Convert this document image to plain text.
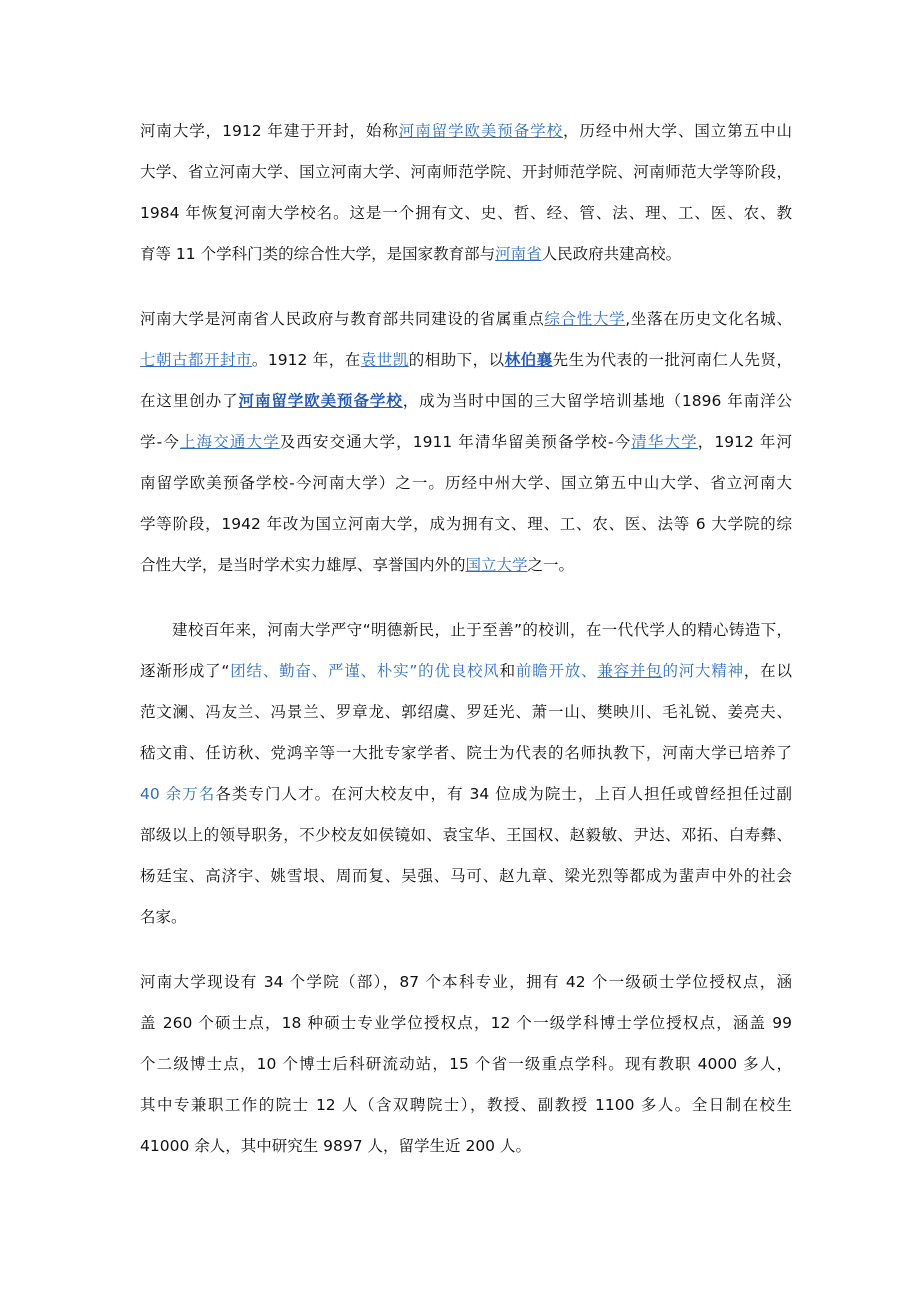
河南大学，1912 年建于开封，始称河南留学欧美预备学校，历经中州大学、国立第五中山
大学、省立河南大学、国立河南大学、河南师范学院、开封师范学院、河南师范大学等阶段，
1984 年恢复河南大学校名。这是一个拥有文、史、哲、经、管、法、理、工、医、农、教
育等 11 个学科门类的综合性大学，是国家教育部与河南省人民政府共建高校。
河南大学是河南省人民政府与教育部共同建设的省属重点综合性大学,坐落在历史文化名城、
七朝古都开封市。1912 年，在袁世凯的相助下，以林伯襄先生为代表的一批河南仁人先贤，
在这里创办了河南留学欧美预备学校，成为当时中国的三大留学培训基地（1896 年南洋公
学-今上海交通大学及西安交通大学，1911 年清华留美预备学校-今清华大学，1912 年河
南留学欧美预备学校-今河南大学）之一。历经中州大学、国立第五中山大学、省立河南大
学等阶段，1942 年改为国立河南大学，成为拥有文、理、工、农、医、法等 6 大学院的综
合性大学，是当时学术实力雄厚、享誉国内外的国立大学之一。
建校百年来，河南大学严守“明德新民，止于至善”的校训，在一代代学人的精心铸造下，
逐渐形成了“团结、勤奋、严谨、朴实”的优良校风和前瞻开放、兼容并包的河大精神，在以
范文澜、冯友兰、冯景兰、罗章龙、郭绍虞、罗廷光、萧一山、樊映川、毛礼锐、姜亮夫、
嵇文甫、任访秋、党鸿辛等一大批专家学者、院士为代表的名师执教下，河南大学已培养了
40 余万名各类专门人才。在河大校友中，有 34 位成为院士，上百人担任或曾经担任过副
部级以上的领导职务，不少校友如侯镜如、袁宝华、王国权、赵毅敏、尹达、邓拓、白寿彝、
杨廷宝、高济宇、姚雪垠、周而复、吴强、马可、赵九章、梁光烈等都成为蜚声中外的社会
名家。
河南大学现设有 34 个学院（部），87 个本科专业，拥有 42 个一级硕士学位授权点，涵
盖 260 个硕士点，18 种硕士专业学位授权点，12 个一级学科博士学位授权点，涵盖 99
个二级博士点，10 个博士后科研流动站，15 个省一级重点学科。现有教职 4000 多人，
其中专兼职工作的院士 12 人（含双聘院士），教授、副教授 1100 多人。全日制在校生
41000 余人，其中研究生 9897 人，留学生近 200 人。
